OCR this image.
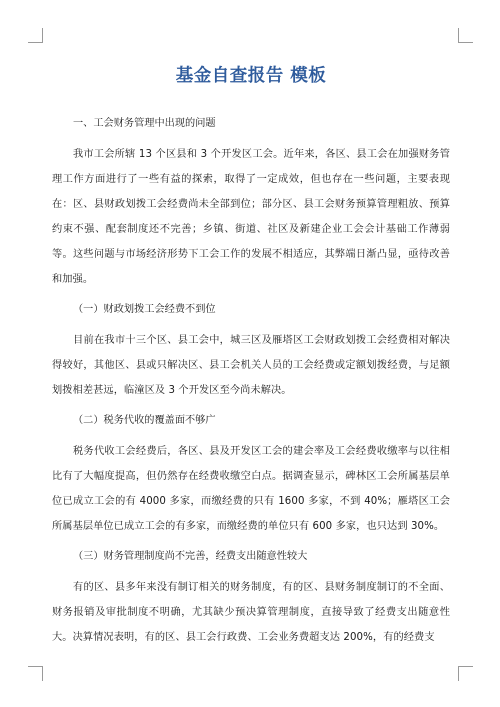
基金自查报告 模板
一、工会财务管理中出现的问题

我市工会所辖 13 个区县和 3 个开发区工会。近年来，各区、县工会在加强财务管理工作方面进行了一些有益的探索，取得了一定成效，但也存在一些问题，主要表现在：区、县财政划拨工会经费尚未全部到位；部分区、县工会财务预算管理粗放、预算约束不强、配套制度还不完善；乡镇、街道、社区及新建企业工会会计基础工作薄弱等。这些问题与市场经济形势下工会工作的发展不相适应，其弊端日渐凸显，亟待改善和加强。

（一）财政划拨工会经费不到位

目前在我市十三个区、县工会中，城三区及雁塔区工会财政划拨工会经费相对解决得较好，其他区、县或只解决区、县工会机关人员的工会经费或定额划拨经费，与足额划拨相差甚远，临潼区及 3 个开发区至今尚未解决。

（二）税务代收的覆盖面不够广

税务代收工会经费后，各区、县及开发区工会的建会率及工会经费收缴率与以往相比有了大幅度提高，但仍然存在经费收缴空白点。据调查显示，碑林区工会所属基层单位已成立工会的有 4000 多家，而缴经费的只有 1600 多家，不到 40%；雁塔区工会所属基层单位已成立工会的有多家，而缴经费的单位只有 600 多家，也只达到 30%。

（三）财务管理制度尚不完善，经费支出随意性较大

有的区、县多年来没有制订相关的财务制度，有的区、县财务制度制订的不全面、财务报销及审批制度不明确，尤其缺少预决算管理制度，直接导致了经费支出随意性大。决算情况表明，有的区、县工会行政费、工会业务费超支达 200%，有的经费支
